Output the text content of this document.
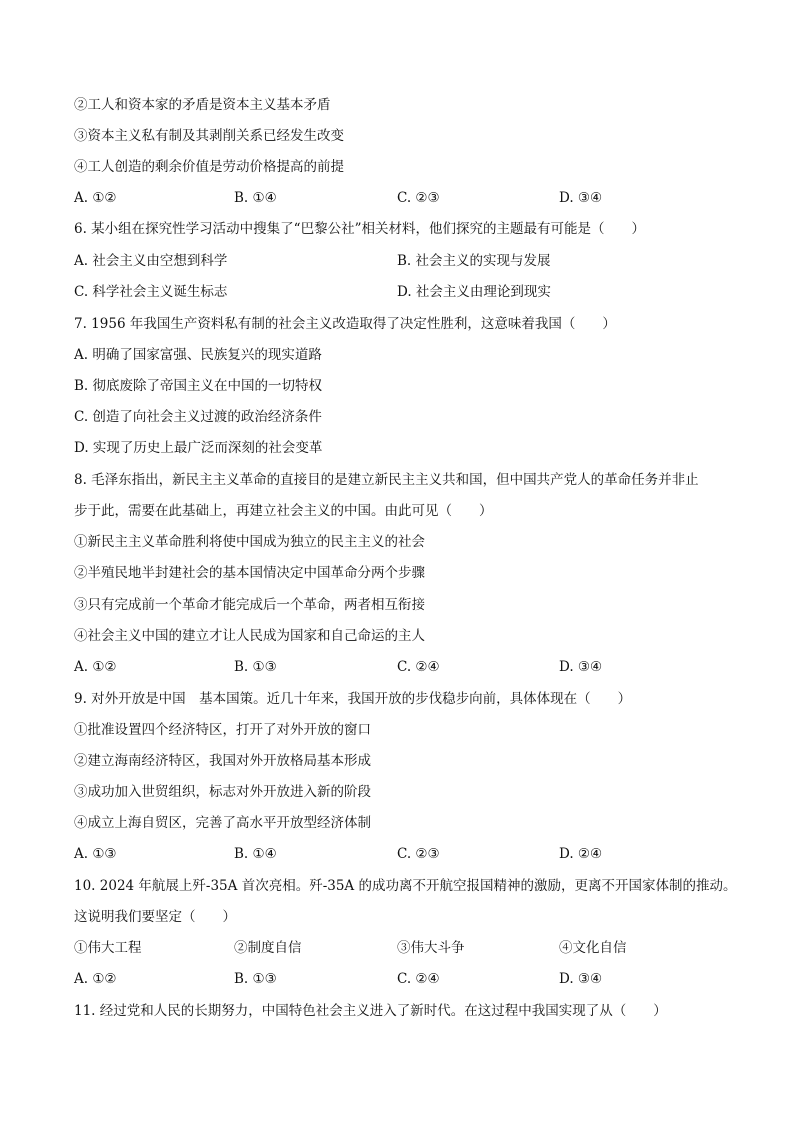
②工人和资本家的矛盾是资本主义基本矛盾
③资本主义私有制及其剥削关系已经发生改变
④工人创造的剩余价值是劳动价格提高的前提
A. ①②	B. ①④	C. ②③	D. ③④
6. 某小组在探究性学习活动中搜集了“巴黎公社”相关材料，他们探究的主题最有可能是（　　）
A. 社会主义由空想到科学	B. 社会主义的实现与发展
C. 科学社会主义诞生标志	D. 社会主义由理论到现实
7. 1956 年我国生产资料私有制的社会主义改造取得了决定性胜利，这意味着我国（　　）
A. 明确了国家富强、民族复兴的现实道路
B. 彻底废除了帝国主义在中国的一切特权
C. 创造了向社会主义过渡的政治经济条件
D. 实现了历史上最广泛而深刻的社会变革
8. 毛泽东指出，新民主主义革命的直接目的是建立新民主主义共和国，但中国共产党人的革命任务并非止
步于此，需要在此基础上，再建立社会主义的中国。由此可见（　　）
①新民主主义革命胜利将使中国成为独立的民主主义的社会
②半殖民地半封建社会的基本国情决定中国革命分两个步骤
③只有完成前一个革命才能完成后一个革命，两者相互衔接
④社会主义中国的建立才让人民成为国家和自己命运的主人
A. ①②	B. ①③	C. ②④	D. ③④
9. 对外开放是中国　基本国策。近几十年来，我国开放的步伐稳步向前，具体体现在（　　）
①批准设置四个经济特区，打开了对外开放的窗口
②建立海南经济特区，我国对外开放格局基本形成
③成功加入世贸组织，标志对外开放进入新的阶段
④成立上海自贸区，完善了高水平开放型经济体制
A. ①③	B. ①④	C. ②③	D. ②④
10. 2024 年航展上歼-35A 首次亮相。歼-35A 的成功离不开航空报国精神的激励，更离不开国家体制的推动。
这说明我们要坚定（　　）
①伟大工程	②制度自信	③伟大斗争	④文化自信
A. ①②	B. ①③	C. ②④	D. ③④
11. 经过党和人民的长期努力，中国特色社会主义进入了新时代。在这过程中我国实现了从（　　）
